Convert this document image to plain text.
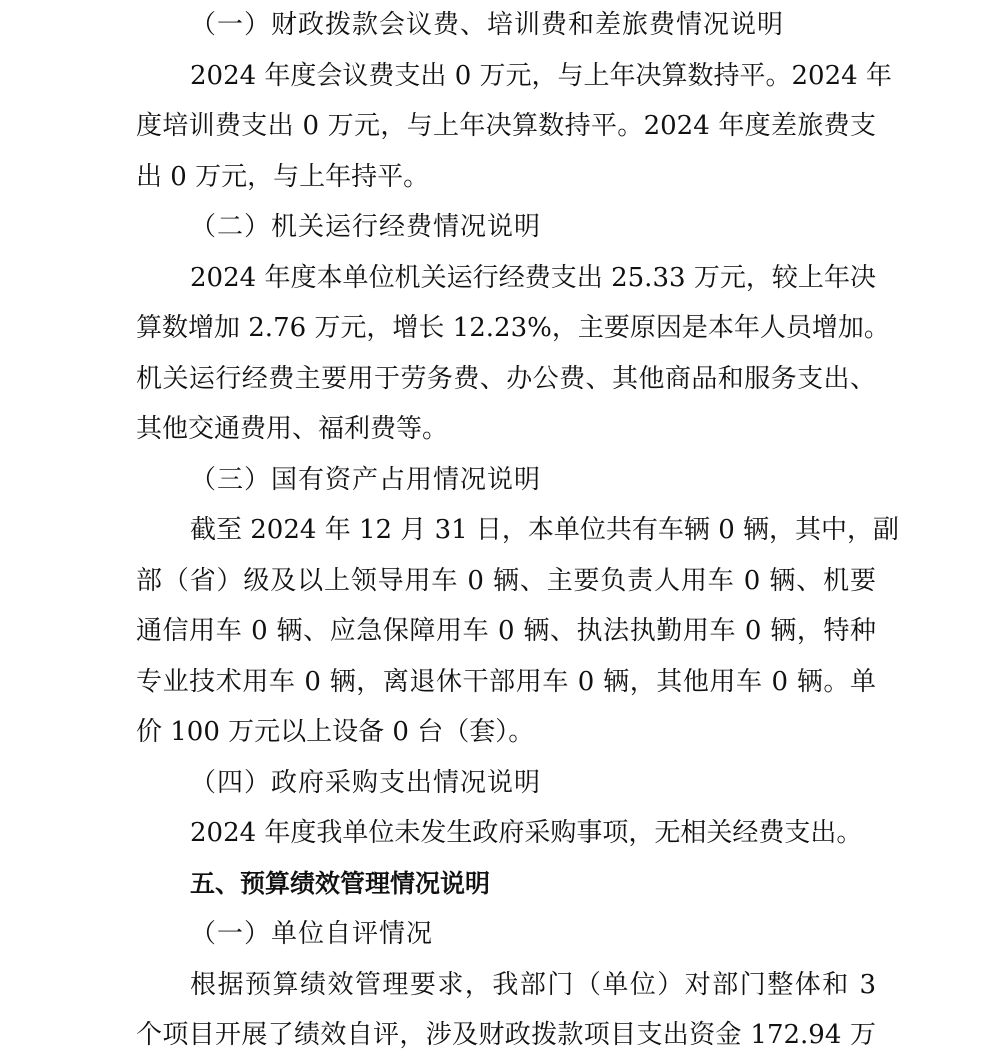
（一）财政拨款会议费、培训费和差旅费情况说明
2024 年度会议费支出 0 万元，与上年决算数持平。2024 年
度培训费支出 0 万元，与上年决算数持平。2024 年度差旅费支
出 0 万元，与上年持平。
（二）机关运行经费情况说明
2024 年度本单位机关运行经费支出 25.33 万元，较上年决
算数增加 2.76 万元，增长 12.23%，主要原因是本年人员增加。
机关运行经费主要用于劳务费、办公费、其他商品和服务支出、
其他交通费用、福利费等。
（三）国有资产占用情况说明
截至 2024 年 12 月 31 日，本单位共有车辆 0 辆，其中，副
部（省）级及以上领导用车 0 辆、主要负责人用车 0 辆、机要
通信用车 0 辆、应急保障用车 0 辆、执法执勤用车 0 辆，特种
专业技术用车 0 辆，离退休干部用车 0 辆，其他用车 0 辆。单
价 100 万元以上设备 0 台（套）。
（四）政府采购支出情况说明
2024 年度我单位未发生政府采购事项，无相关经费支出。
五、预算绩效管理情况说明
（一）单位自评情况
根据预算绩效管理要求，我部门（单位）对部门整体和 3
个项目开展了绩效自评，涉及财政拨款项目支出资金 172.94 万
